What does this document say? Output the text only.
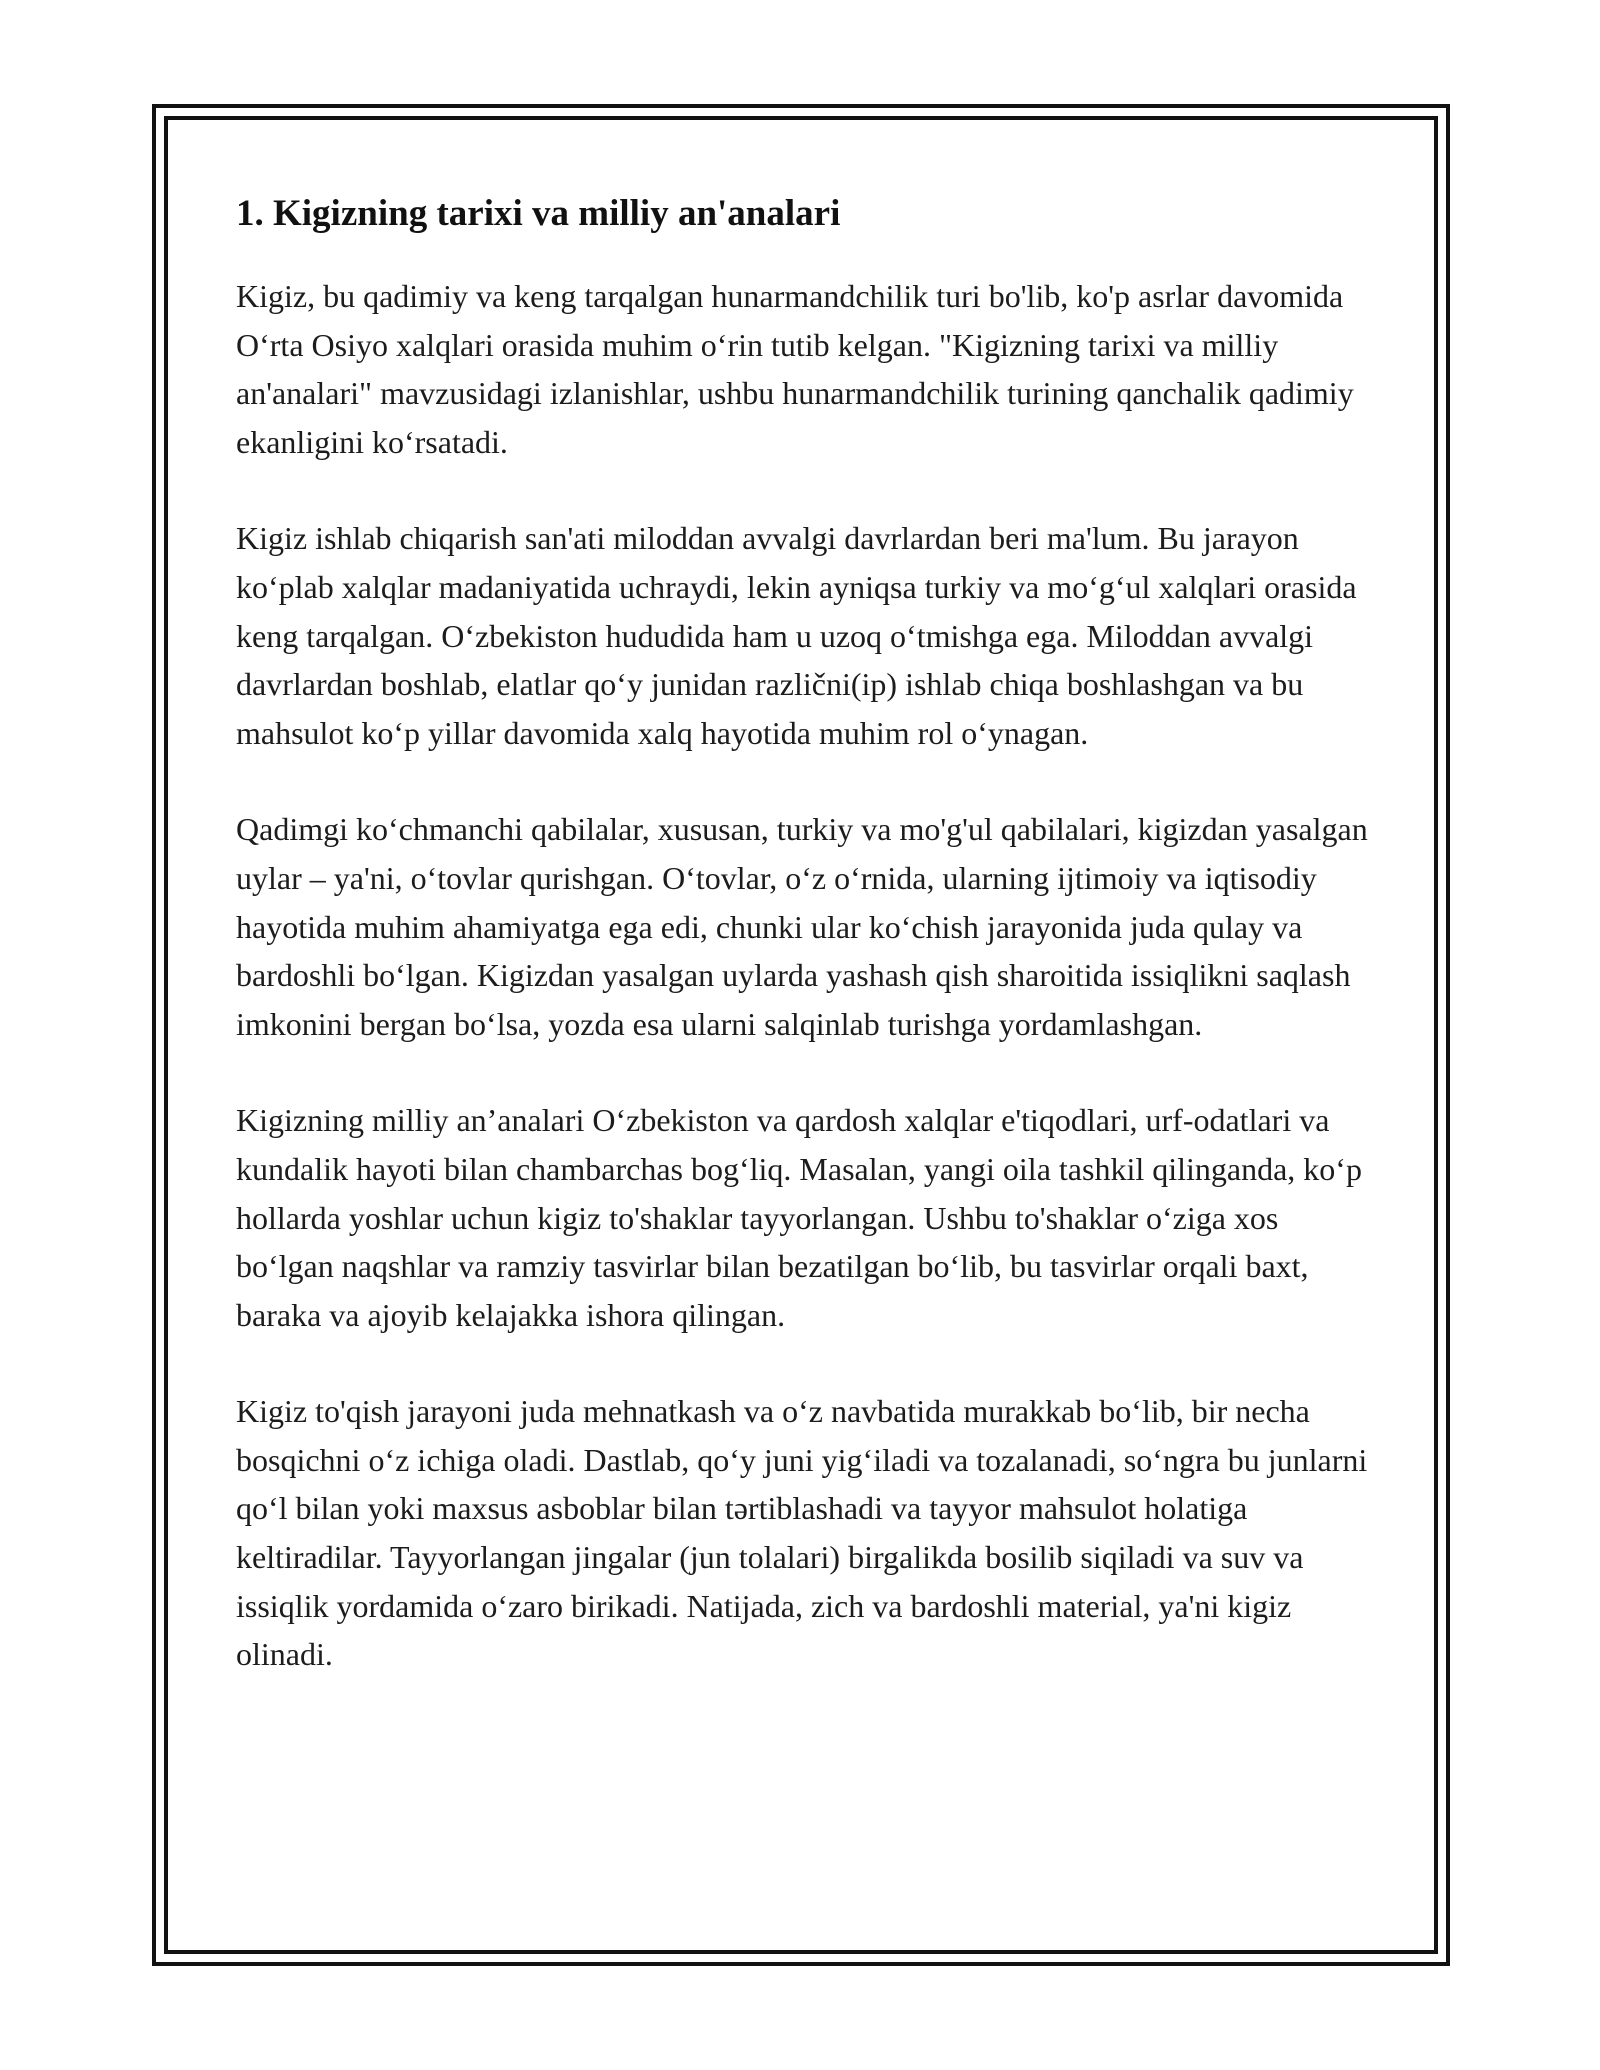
1. Kigizning tarixi va milliy an'analari

Kigiz, bu qadimiy va keng tarqalgan hunarmandchilik turi bo'lib, ko'p asrlar davomida O‘rta Osiyo xalqlari orasida muhim o‘rin tutib kelgan. "Kigizning tarixi va milliy an'analari" mavzusidagi izlanishlar, ushbu hunarmandchilik turining qanchalik qadimiy ekanligini ko‘rsatadi.

Kigiz ishlab chiqarish san'ati miloddan avvalgi davrlardan beri ma'lum. Bu jarayon ko‘plab xalqlar madaniyatida uchraydi, lekin ayniqsa turkiy va mo‘g‘ul xalqlari orasida keng tarqalgan. O‘zbekiston hududida ham u uzoq o‘tmishga ega. Miloddan avvalgi davrlardan boshlab, elatlar qo‘y junidan različni(ip) ishlab chiqa boshlashgan va bu mahsulot ko‘p yillar davomida xalq hayotida muhim rol o‘ynagan.

Qadimgi ko‘chmanchi qabilalar, xususan, turkiy va mo'g'ul qabilalari, kigizdan yasalgan uylar – ya'ni, o‘tovlar qurishgan. O‘tovlar, o‘z o‘rnida, ularning ijtimoiy va iqtisodiy hayotida muhim ahamiyatga ega edi, chunki ular ko‘chish jarayonida juda qulay va bardoshli bo‘lgan. Kigizdan yasalgan uylarda yashash qish sharoitida issiqlikni saqlash imkonini bergan bo‘lsa, yozda esa ularni salqinlab turishga yordamlashgan.

Kigizning milliy an’analari O‘zbekiston va qardosh xalqlar e'tiqodlari, urf-odatlari va kundalik hayoti bilan chambarchas bog‘liq. Masalan, yangi oila tashkil qilinganda, ko‘p hollarda yoshlar uchun kigiz to'shaklar tayyorlangan. Ushbu to'shaklar o‘ziga xos bo‘lgan naqshlar va ramziy tasvirlar bilan bezatilgan bo‘lib, bu tasvirlar orqali baxt, baraka va ajoyib kelajakka ishora qilingan.

Kigiz to'qish jarayoni juda mehnatkash va o‘z navbatida murakkab bo‘lib, bir necha bosqichni o‘z ichiga oladi. Dastlab, qo‘y juni yig‘iladi va tozalanadi, so‘ngra bu junlarni qo‘l bilan yoki maxsus asboblar bilan tərtiblashadi va tayyor mahsulot holatiga keltiradilar. Tayyorlangan jingalar (jun tolalari) birgalikda bosilib siqiladi va suv va issiqlik yordamida o‘zaro birikadi. Natijada, zich va bardoshli material, ya'ni kigiz olinadi.
